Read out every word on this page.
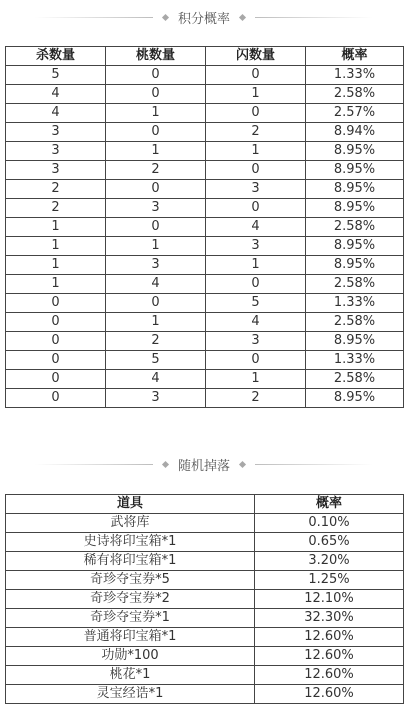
积分概率
杀数量	桃数量	闪数量	概率
5	0	0	1.33%
4	0	1	2.58%
4	1	0	2.57%
3	0	2	8.94%
3	1	1	8.95%
3	2	0	8.95%
2	0	3	8.95%
2	3	0	8.95%
1	0	4	2.58%
1	1	3	8.95%
1	3	1	8.95%
1	4	0	2.58%
0	0	5	1.33%
0	1	4	2.58%
0	2	3	8.95%
0	5	0	1.33%
0	4	1	2.58%
0	3	2	8.95%
随机掉落
道具	概率
武将库	0.10%
史诗将印宝箱*1	0.65%
稀有将印宝箱*1	3.20%
奇珍夺宝券*5	1.25%
奇珍夺宝券*2	12.10%
奇珍夺宝券*1	32.30%
普通将印宝箱*1	12.60%
功勋*100	12.60%
桃花*1	12.60%
灵宝经诰*1	12.60%
